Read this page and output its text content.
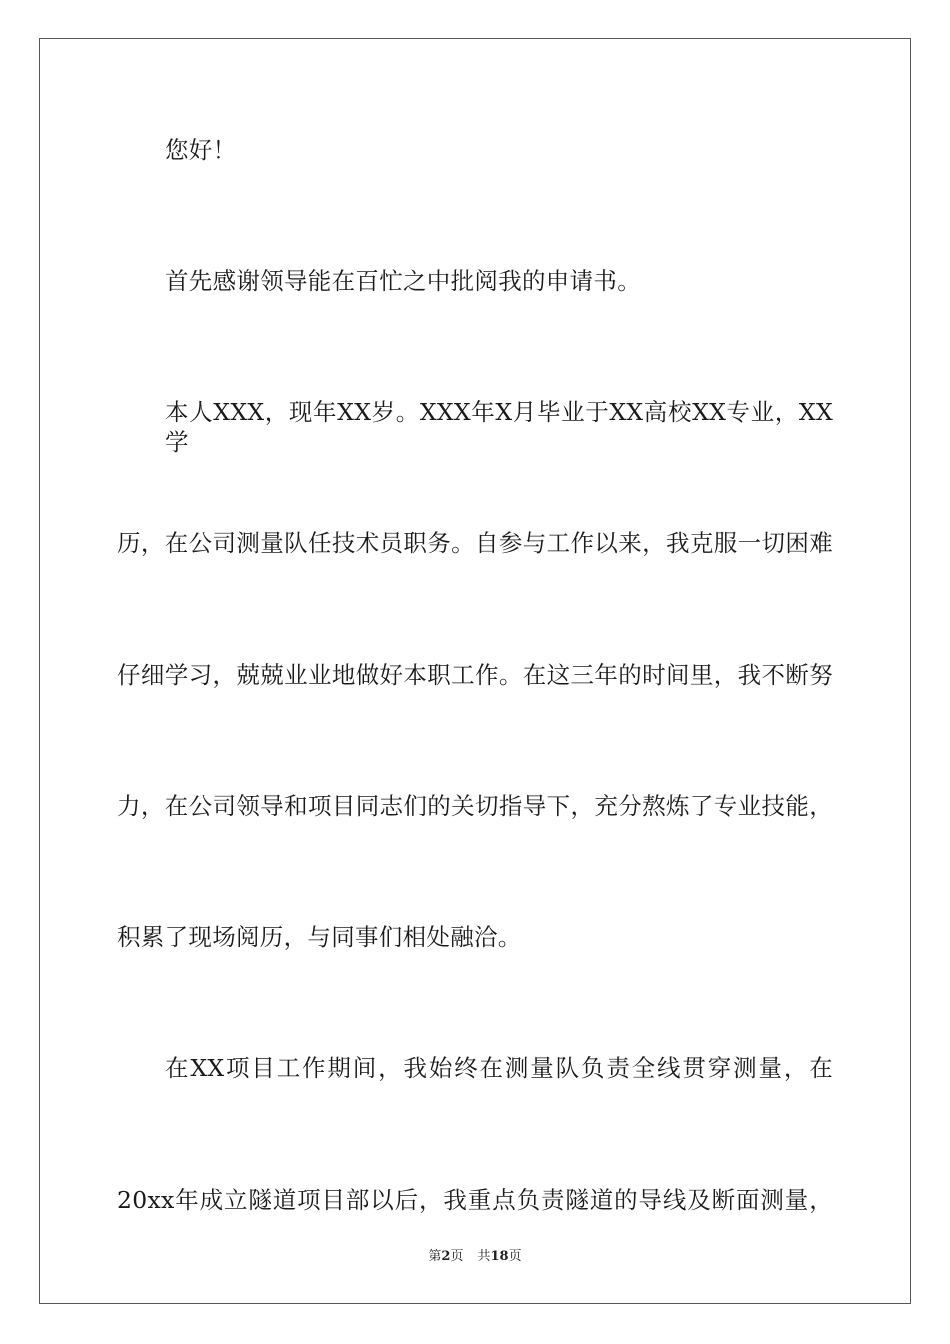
您好！
首先感谢领导能在百忙之中批阅我的申请书。
本人XXX，现年XX岁。XXX年X月毕业于XX高校XX专业，XX学
历，在公司测量队任技术员职务。自参与工作以来，我克服一切困难
仔细学习，兢兢业业地做好本职工作。在这三年的时间里，我不断努
力，在公司领导和项目同志们的关切指导下，充分熬炼了专业技能，
积累了现场阅历，与同事们相处融洽。
在XX项目工作期间，我始终在测量队负责全线贯穿测量，在
20xx年成立隧道项目部以后，我重点负责隧道的导线及断面测量，
第2页 共18页
